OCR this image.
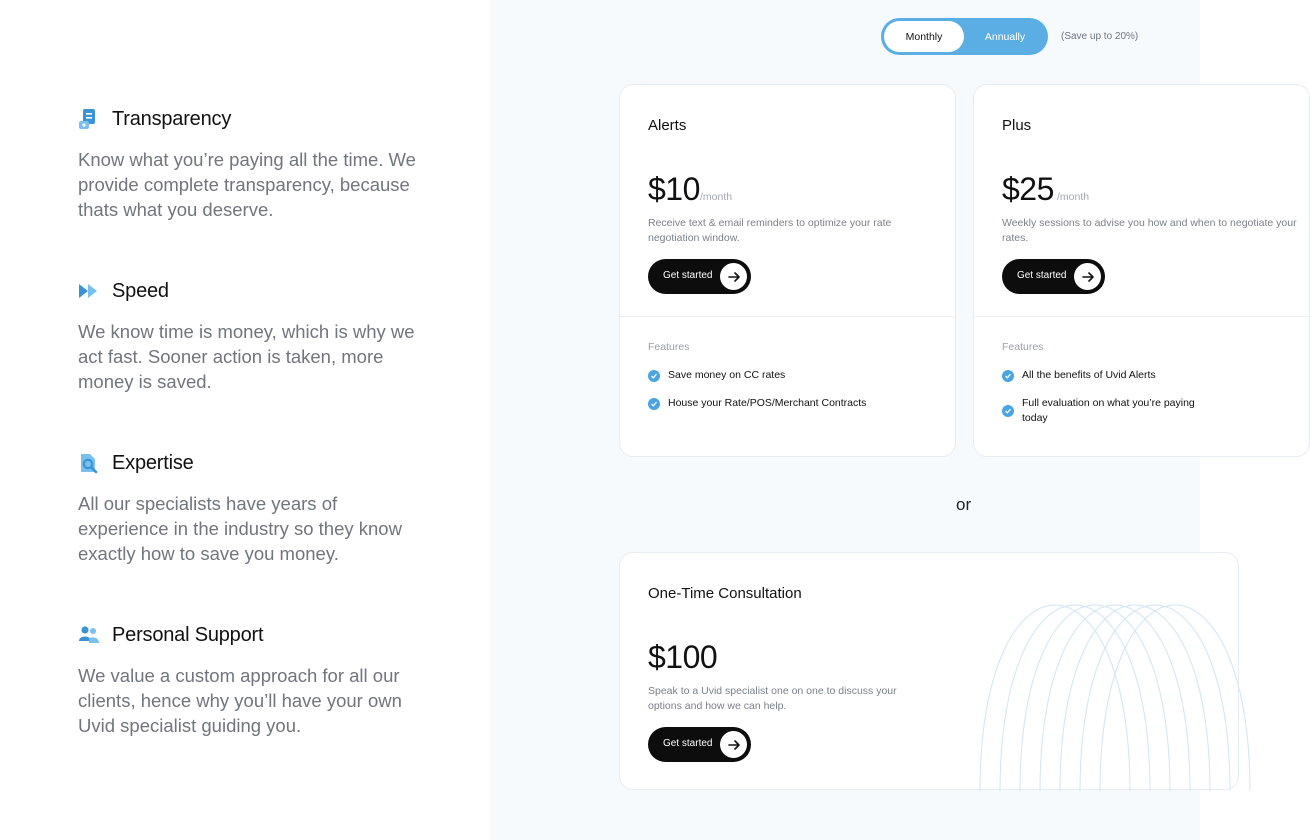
Transparency

Know what you’re paying all the time. We provide complete transparency, because thats what you deserve.

Speed

We know time is money, which is why we act fast. Sooner action is taken, more money is saved.

Expertise

All our specialists have years of experience in the industry so they know exactly how to save you money.

Personal Support

We value a custom approach for all our clients, hence why you’ll have your own Uvid specialist guiding you.

Monthly	Annually	(Save up to 20%)
Alerts
$10 /month
Receive text & email reminders to optimize your rate negotiation window.
Get started
Features
Save money on CC rates
House your Rate/POS/Merchant Contracts
Plus
$25 /month
Weekly sessions to advise you how and when to negotiate your rates.
Get started
Features
All the benefits of Uvid Alerts
Full evaluation on what you’re paying today
or
One-Time Consultation
$100
Speak to a Uvid specialist one on one to discuss your options and how we can help.
Get started
